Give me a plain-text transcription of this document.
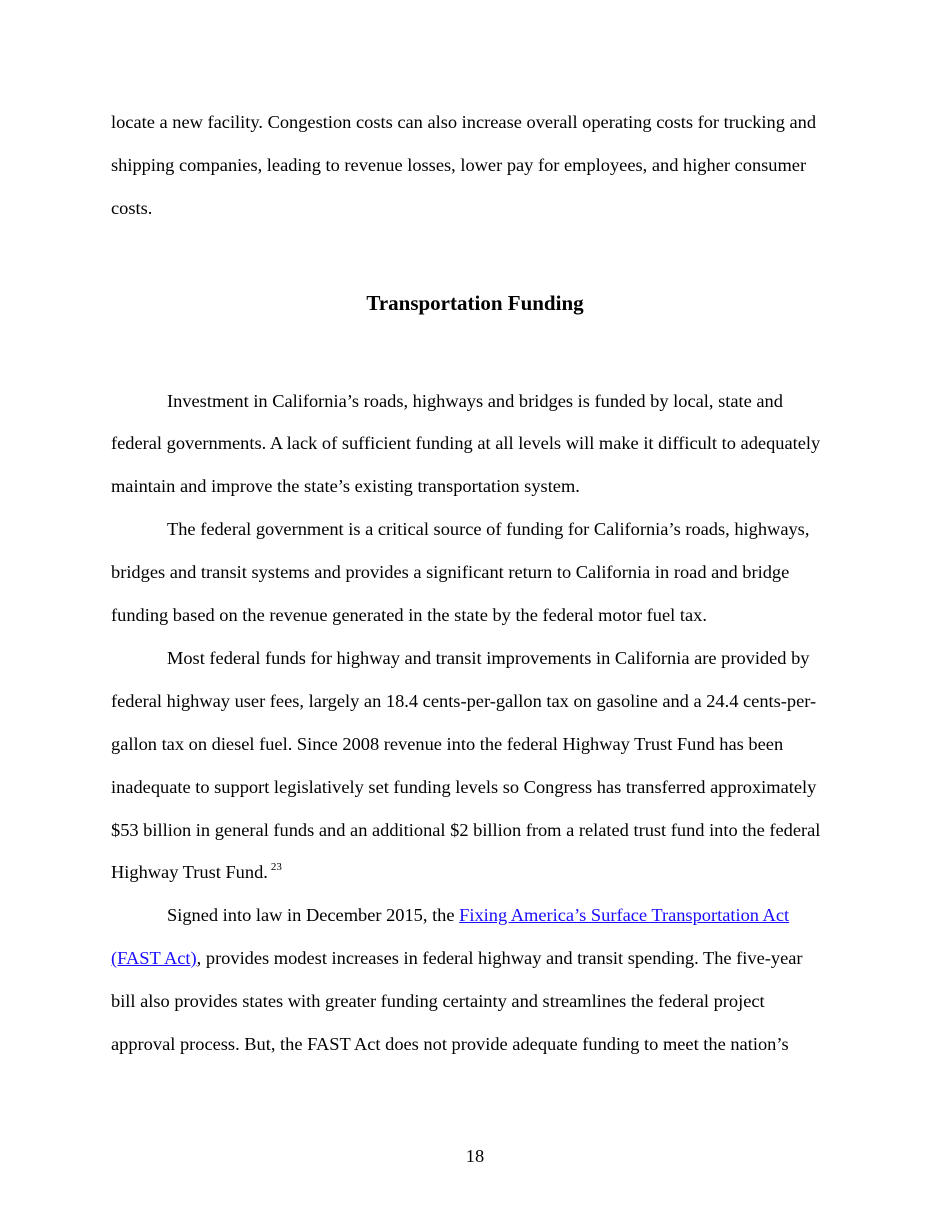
locate a new facility. Congestion costs can also increase overall operating costs for trucking and
shipping companies, leading to revenue losses, lower pay for employees, and higher consumer
costs.
Transportation Funding
Investment in California’s roads, highways and bridges is funded by local, state and
federal governments. A lack of sufficient funding at all levels will make it difficult to adequately
maintain and improve the state’s existing transportation system.
The federal government is a critical source of funding for California’s roads, highways,
bridges and transit systems and provides a significant return to California in road and bridge
funding based on the revenue generated in the state by the federal motor fuel tax.
Most federal funds for highway and transit improvements in California are provided by
federal highway user fees, largely an 18.4 cents-per-gallon tax on gasoline and a 24.4 cents-per-
gallon tax on diesel fuel. Since 2008 revenue into the federal Highway Trust Fund has been
inadequate to support legislatively set funding levels so Congress has transferred approximately
$53 billion in general funds and an additional $2 billion from a related trust fund into the federal
Highway Trust Fund. $^{23}$
Signed into law in December 2015, the Fixing America’s Surface Transportation Act
(FAST Act), provides modest increases in federal highway and transit spending. The five-year
bill also provides states with greater funding certainty and streamlines the federal project
approval process. But, the FAST Act does not provide adequate funding to meet the nation’s
18
